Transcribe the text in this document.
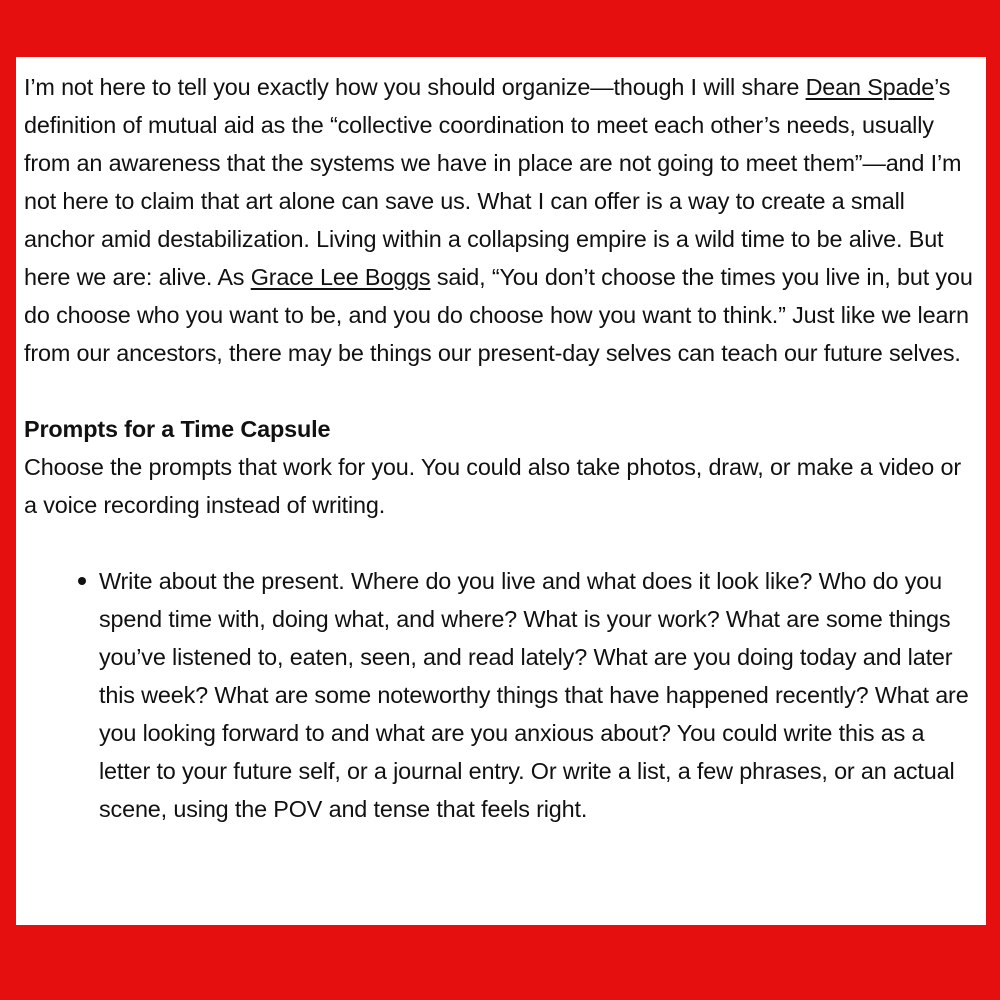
I’m not here to tell you exactly how you should organize—though I will share Dean Spade’s definition of mutual aid as the “collective coordination to meet each other’s needs, usually from an awareness that the systems we have in place are not going to meet them”—and I’m not here to claim that art alone can save us. What I can offer is a way to create a small anchor amid destabilization. Living within a collapsing empire is a wild time to be alive. But here we are: alive. As Grace Lee Boggs said, “You don’t choose the times you live in, but you do choose who you want to be, and you do choose how you want to think.” Just like we learn from our ancestors, there may be things our present-day selves can teach our future selves.

Prompts for a Time Capsule

Choose the prompts that work for you. You could also take photos, draw, or make a video or a voice recording instead of writing.

Write about the present. Where do you live and what does it look like? Who do you spend time with, doing what, and where? What is your work? What are some things you’ve listened to, eaten, seen, and read lately? What are you doing today and later this week? What are some noteworthy things that have happened recently? What are you looking forward to and what are you anxious about? You could write this as a letter to your future self, or a journal entry. Or write a list, a few phrases, or an actual scene, using the POV and tense that feels right.
